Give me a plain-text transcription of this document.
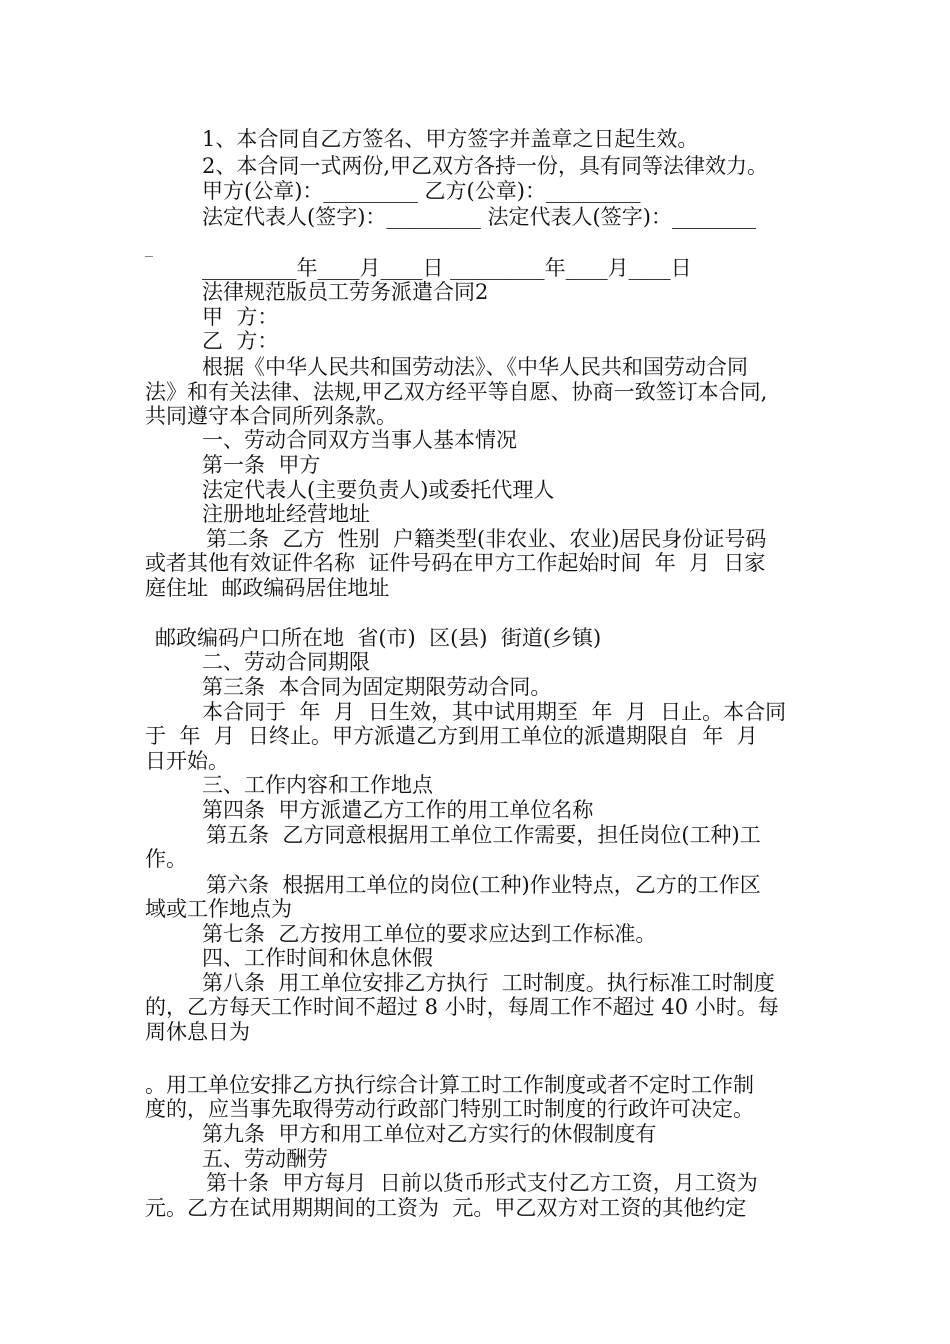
1、本合同自乙方签名、甲方签字并盖章之日起生效。
2、本合同一式两份,甲乙双方各持一份，具有同等法律效力。
甲方(公章)：_________ 乙方(公章)：_________
法定代表人(签字)：_________ 法定代表人(签字)：________
_
_________年____月____日 _________年____月____日
法律规范版员工劳务派遣合同2
甲  方：
乙  方：
根据《中华人民共和国劳动法》、《中华人民共和国劳动合同
法》和有关法律、法规,甲乙双方经平等自愿、协商一致签订本合同,
共同遵守本合同所列条款。
一、劳动合同双方当事人基本情况
第一条  甲方
法定代表人(主要负责人)或委托代理人
注册地址经营地址
第二条  乙方  性别  户籍类型(非农业、农业)居民身份证号码
或者其他有效证件名称  证件号码在甲方工作起始时间  年  月  日家
庭住址  邮政编码居住地址
邮政编码户口所在地  省(市)  区(县)  街道(乡镇)
二、劳动合同期限
第三条  本合同为固定期限劳动合同。
本合同于  年  月  日生效，其中试用期至  年  月  日止。本合同
于  年  月  日终止。甲方派遣乙方到用工单位的派遣期限自  年  月
日开始。
三、工作内容和工作地点
第四条  甲方派遣乙方工作的用工单位名称
第五条  乙方同意根据用工单位工作需要，担任岗位(工种)工
作。
第六条  根据用工单位的岗位(工种)作业特点，乙方的工作区
域或工作地点为
第七条  乙方按用工单位的要求应达到工作标准。
四、工作时间和休息休假
第八条  用工单位安排乙方执行  工时制度。执行标准工时制度
的，乙方每天工作时间不超过 8 小时，每周工作不超过 40 小时。每
周休息日为
。用工单位安排乙方执行综合计算工时工作制度或者不定时工作制
度的，应当事先取得劳动行政部门特别工时制度的行政许可决定。
第九条  甲方和用工单位对乙方实行的休假制度有
五、劳动酬劳
第十条  甲方每月  日前以货币形式支付乙方工资，月工资为
元。乙方在试用期期间的工资为  元。甲乙双方对工资的其他约定
